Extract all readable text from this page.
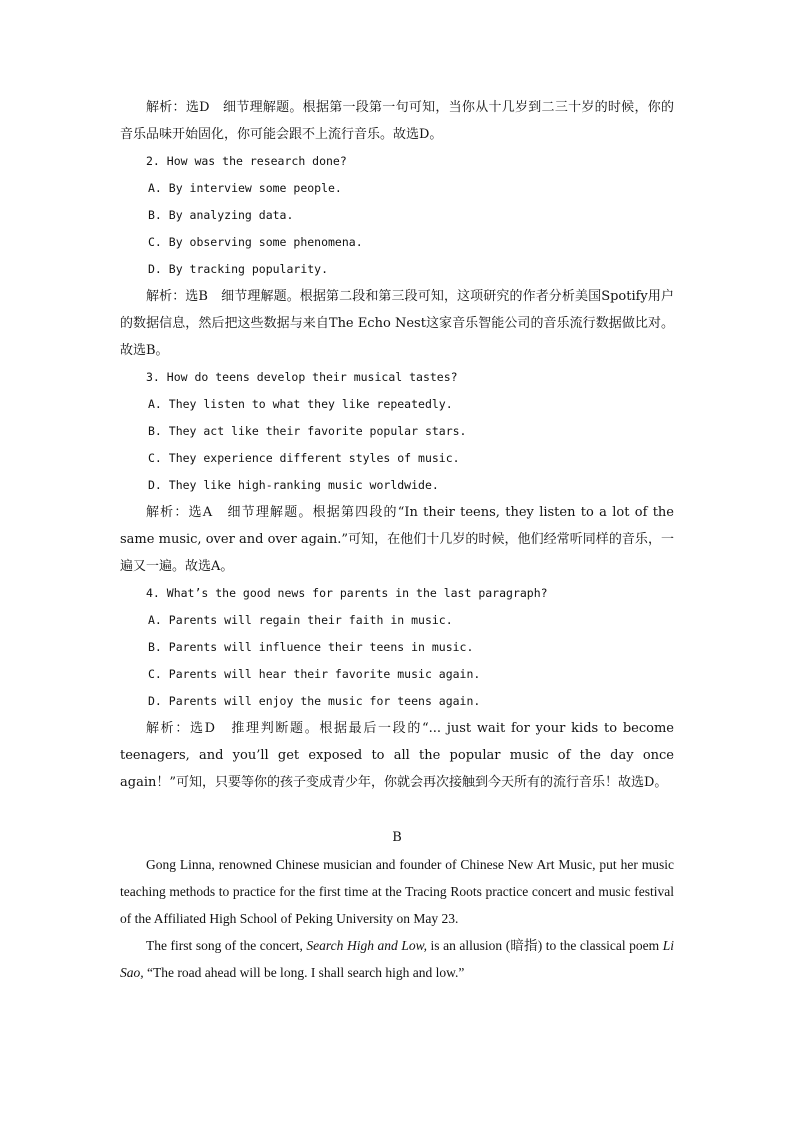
解析：选D　细节理解题。根据第一段第一句可知，当你从十几岁到二三十岁的时候，你的音乐品味开始固化，你可能会跟不上流行音乐。故选D。

2. How was the research done?

A. By interview some people.

B. By analyzing data.

C. By observing some phenomena.

D. By tracking popularity.

解析：选B　细节理解题。根据第二段和第三段可知，这项研究的作者分析美国Spotify用户的数据信息，然后把这些数据与来自The Echo Nest这家音乐智能公司的音乐流行数据做比对。故选B。

3. How do teens develop their musical tastes?

A. They listen to what they like repeatedly.

B. They act like their favorite popular stars.

C. They experience different styles of music.

D. They like high-ranking music worldwide.

解析：选A　细节理解题。根据第四段的“In their teens, they listen to a lot of the same music, over and over again.”可知，在他们十几岁的时候，他们经常听同样的音乐，一遍又一遍。故选A。

4. What’s the good news for parents in the last paragraph?

A. Parents will regain their faith in music.

B. Parents will influence their teens in music.

C. Parents will hear their favorite music again.

D. Parents will enjoy the music for teens again.

解析：选D　推理判断题。根据最后一段的“... just wait for your kids to become teenagers, and you’ll get exposed to all the popular music of the day once again！”可知，只要等你的孩子变成青少年，你就会再次接触到今天所有的流行音乐！故选D。

B

Gong Linna, renowned Chinese musician and founder of Chinese New Art Music, put her music teaching methods to practice for the first time at the Tracing Roots practice concert and music festival of the Affiliated High School of Peking University on May 23.

The first song of the concert, Search High and Low, is an allusion (暗指) to the classical poem Li Sao, “The road ahead will be long. I shall search high and low.”
